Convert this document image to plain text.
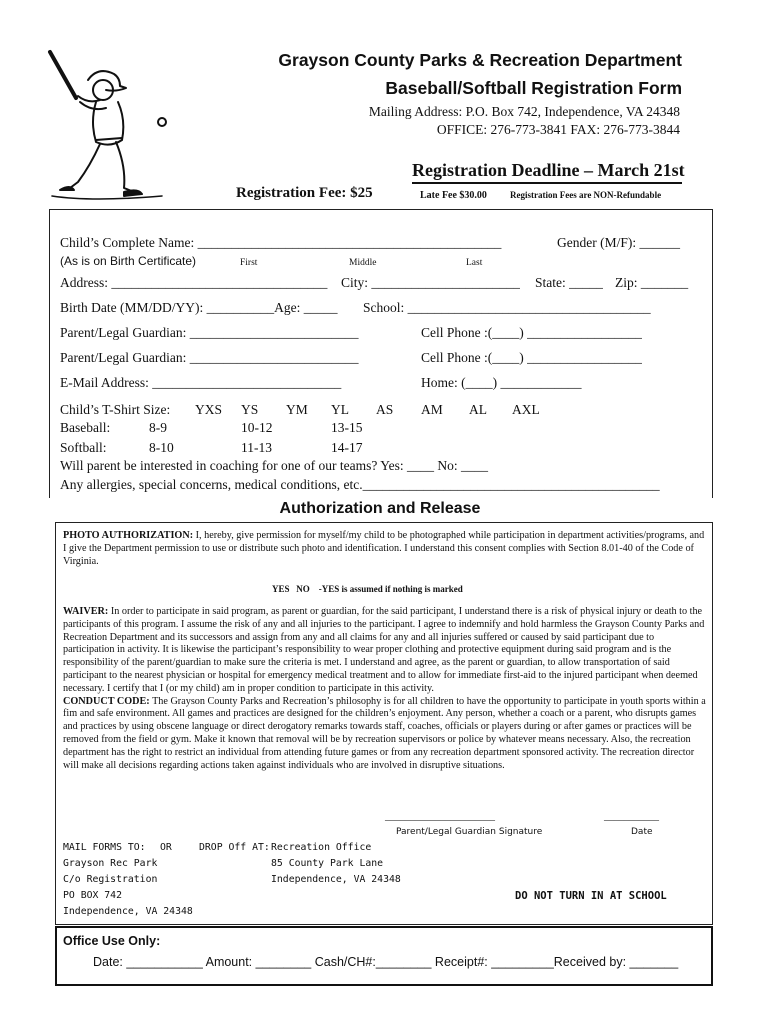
Grayson County Parks & Recreation Department
Baseball/Softball Registration Form
Mailing Address: P.O. Box 742, Independence, VA 24348
OFFICE: 276-773-3841 FAX: 276-773-3844
Registration Deadline – March 21st
Registration Fee: $25	Late Fee $30.00	Registration Fees are NON-Refundable
Child’s Complete Name: _____________________________________________	Gender (M/F): ______
(As is on Birth Certificate)	First	Middle	Last
Address: ________________________________ City: ______________________ State: _____ Zip: _______
Birth Date (MM/DD/YY): __________Age: _____ School: ____________________________________
Parent/Legal Guardian: _________________________	Cell Phone :(____) _________________
Parent/Legal Guardian: _________________________	Cell Phone :(____) _________________
E-Mail Address: ____________________________	Home: (____) ____________
Child’s T-Shirt Size: YXS YS YM YL AS AM AL AXL
Baseball:	8-9	10-12	13-15
Softball:	8-10	11-13	14-17
Will parent be interested in coaching for one of our teams? Yes: ____ No: ____
Any allergies, special concerns, medical conditions, etc.____________________________________________
Authorization and Release
PHOTO AUTHORIZATION: I, hereby, give permission for myself/my child to be photographed while participation in department activities/programs, and I give the Department permission to use or distribute such photo and identification. I understand this consent complies with Section 8.01-40 of the Code of Virginia.
YES   NO    -YES is assumed if nothing is marked
WAIVER: In order to participate in said program, as parent or guardian, for the said participant, I understand there is a risk of physical injury or death to the participants of this program. I assume the risk of any and all injuries to the participant. I agree to indemnify and hold harmless the Grayson County Parks and Recreation Department and its successors and assign from any and all claims for any and all injuries suffered or caused by said participant due to participation in activity. It is likewise the participant’s responsibility to wear proper clothing and protective equipment during said program and is the responsibility of the parent/guardian to make sure the criteria is met. I understand and agree, as the parent or guardian, to allow transportation of said participant to the nearest physician or hospital for emergency medical treatment and to allow for immediate first-aid to the injured participant when deemed necessary. I certify that I (or my child) am in proper condition to participate in this activity.
CONDUCT CODE: The Grayson County Parks and Recreation’s philosophy is for all children to have the opportunity to participate in youth sports within a fim and safe environment. All games and practices are designed for the children’s enjoyment. Any person, whether a coach or a parent, who disrupts games and practices by using obscene language or direct derogatory remarks towards staff, coaches, officials or players during or after games or practices will be removed from the field or gym. Make it known that removal will be by recreation supervisors or police by whatever means necessary. Also, the recreation department has the right to restrict an individual from attending future games or from any recreation department sponsored activity. The recreation director will make all decisions regarding actions taken against individuals who are involved in disruptive situations.
______________________	___________
Parent/Legal Guardian Signature	Date
MAIL FORMS TO: OR
Grayson Rec Park
C/o Registration
PO BOX 742
Independence, VA 24348
DROP Off AT: Recreation Office
85 County Park Lane
Independence, VA 24348
DO NOT TURN IN AT SCHOOL
Office Use Only:
Date: ___________ Amount: ________ Cash/CH#:________ Receipt#: _________Received by: _______
